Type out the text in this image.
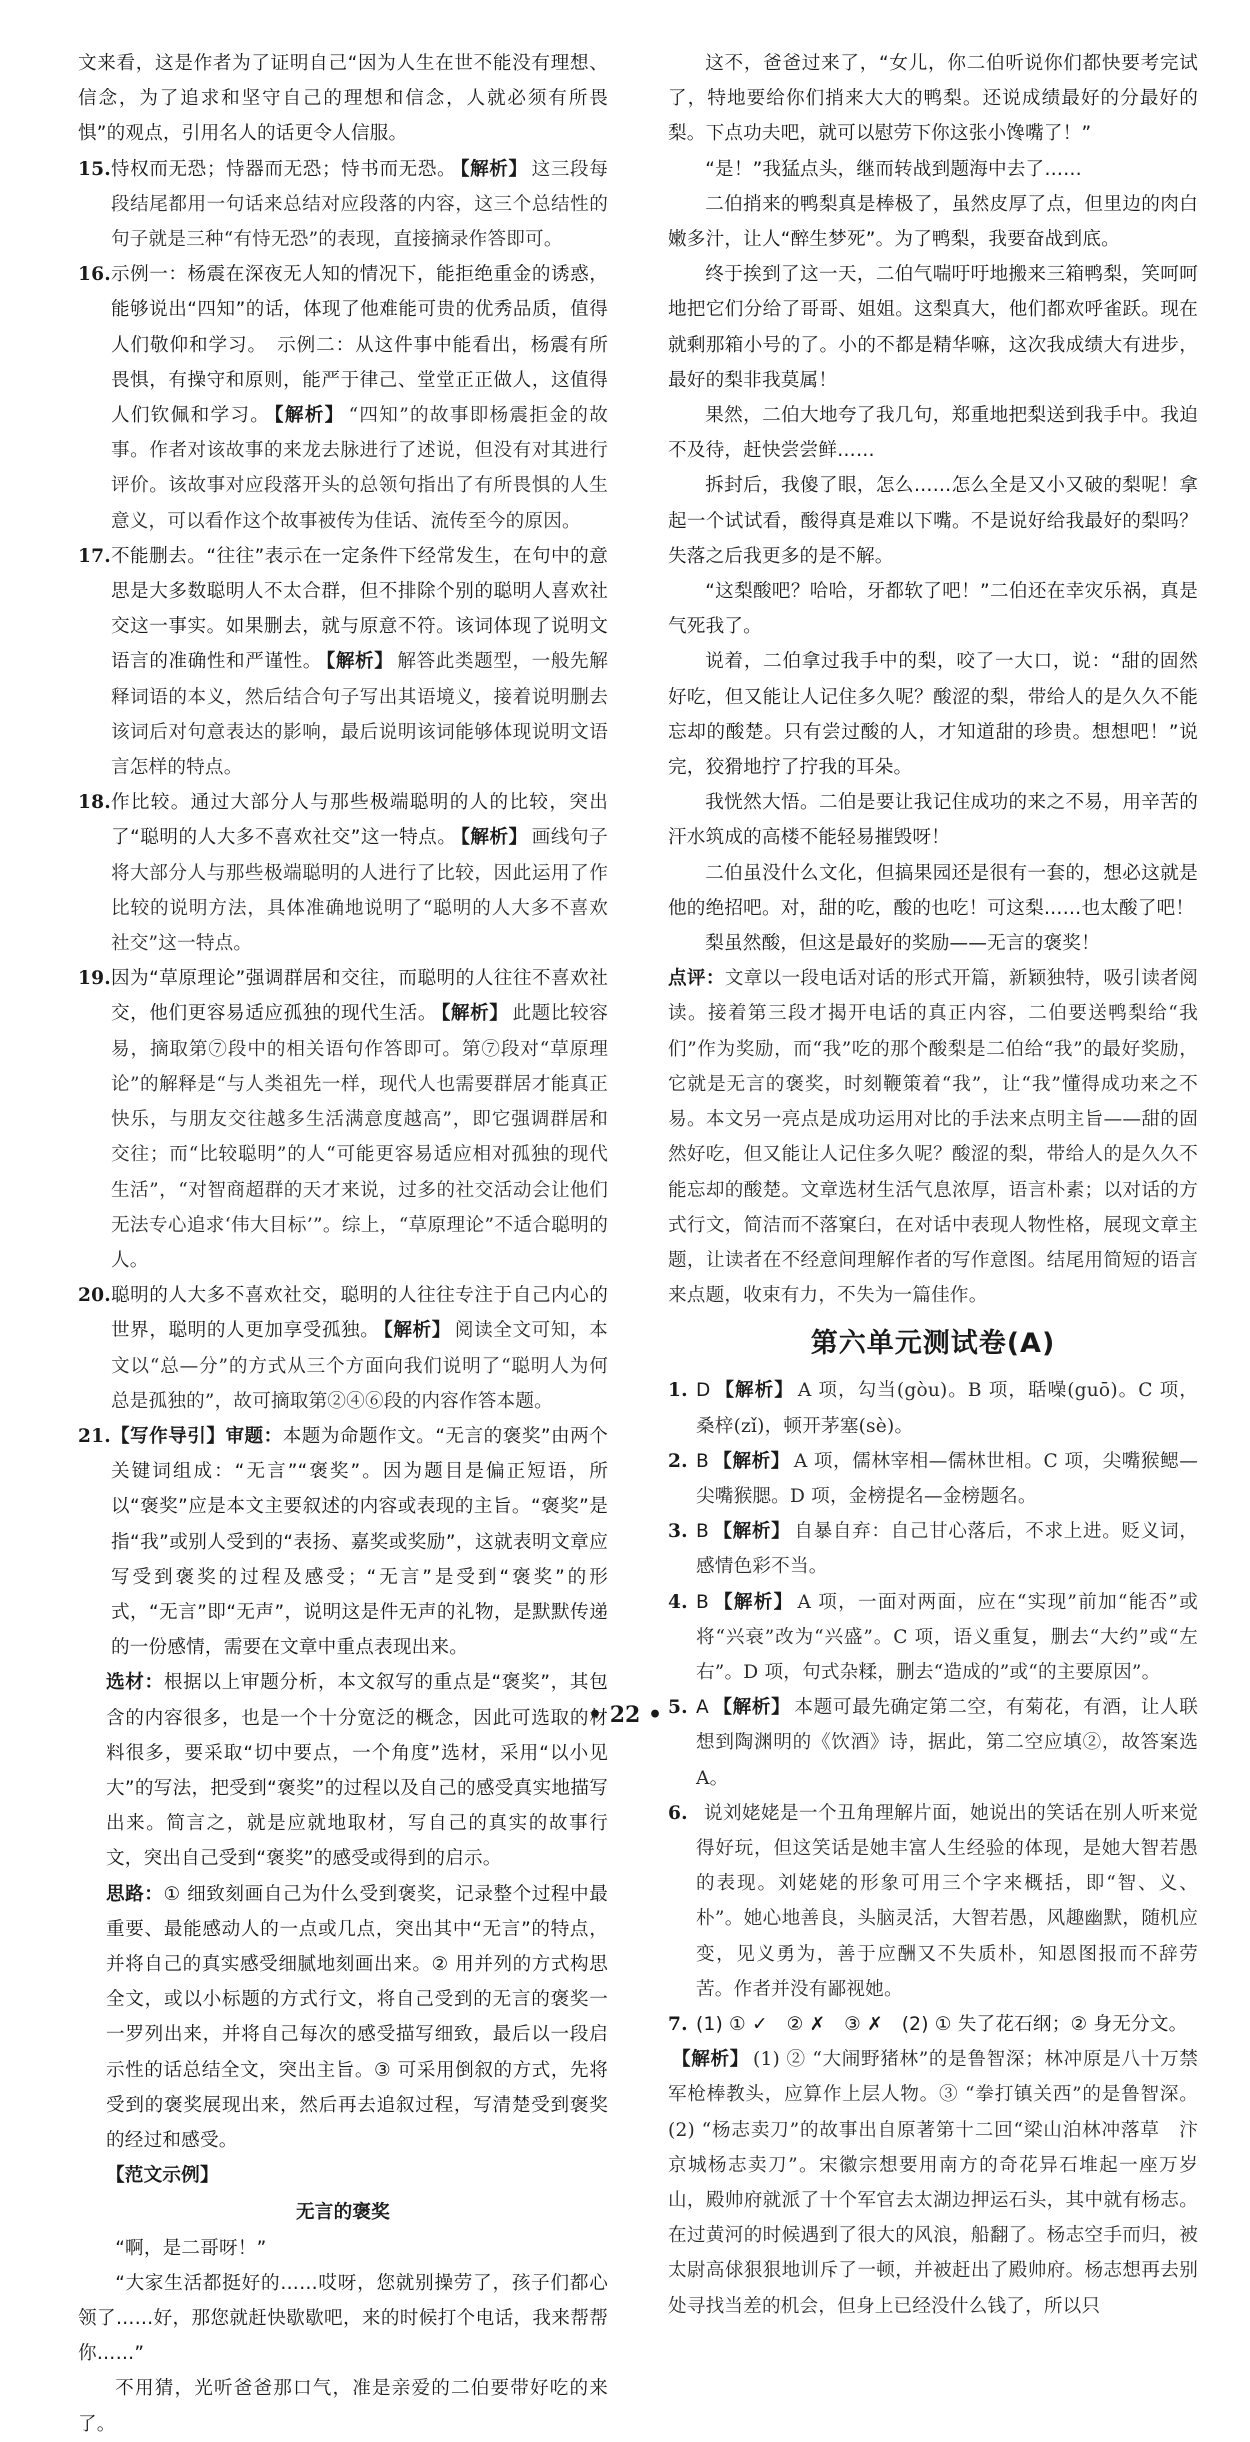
文来看，这是作者为了证明自己“因为人生在世不能没有理想、信念，为了追求和坚守自己的理想和信念，人就必须有所畏惧”的观点，引用名人的话更令人信服。

15. 恃权而无恐；恃器而无恐；恃书而无恐。 【解析】 这三段每段结尾都用一句话来总结对应段落的内容，这三个总结性的句子就是三种“有恃无恐”的表现，直接摘录作答即可。
16. 示例一：杨震在深夜无人知的情况下，能拒绝重金的诱惑，能够说出“四知”的话，体现了他难能可贵的优秀品质，值得人们敬仰和学习。　示例二：从这件事中能看出，杨震有所畏惧，有操守和原则，能严于律己、堂堂正正做人，这值得人们钦佩和学习。 【解析】 “四知”的故事即杨震拒金的故事。作者对该故事的来龙去脉进行了述说，但没有对其进行评价。该故事对应段落开头的总领句指出了有所畏惧的人生意义，可以看作这个故事被传为佳话、流传至今的原因。
17. 不能删去。“往往”表示在一定条件下经常发生，在句中的意思是大多数聪明人不太合群，但不排除个别的聪明人喜欢社交这一事实。如果删去，就与原意不符。该词体现了说明文语言的准确性和严谨性。 【解析】 解答此类题型，一般先解释词语的本义，然后结合句子写出其语境义，接着说明删去该词后对句意表达的影响，最后说明该词能够体现说明文语言怎样的特点。
18. 作比较。通过大部分人与那些极端聪明的人的比较，突出了“聪明的人大多不喜欢社交”这一特点。 【解析】 画线句子将大部分人与那些极端聪明的人进行了比较，因此运用了作比较的说明方法，具体准确地说明了“聪明的人大多不喜欢社交”这一特点。
19. 因为“草原理论”强调群居和交往，而聪明的人往往不喜欢社交，他们更容易适应孤独的现代生活。 【解析】 此题比较容易，摘取第⑦段中的相关语句作答即可。第⑦段对“草原理论”的解释是“与人类祖先一样，现代人也需要群居才能真正快乐，与朋友交往越多生活满意度越高”，即它强调群居和交往；而“比较聪明”的人“可能更容易适应相对孤独的现代生活”，“对智商超群的天才来说，过多的社交活动会让他们无法专心追求‘伟大目标’”。综上，“草原理论”不适合聪明的人。
20. 聪明的人大多不喜欢社交，聪明的人往往专注于自己内心的世界，聪明的人更加享受孤独。 【解析】 阅读全文可知，本文以“总—分”的方式从三个方面向我们说明了“聪明人为何总是孤独的”，故可摘取第②④⑥段的内容作答本题。
21. 【写作导引】审题：本题为命题作文。“无言的褒奖”由两个关键词组成：“无言”“褒奖”。因为题目是偏正短语，所以“褒奖”应是本文主要叙述的内容或表现的主旨。“褒奖”是指“我”或别人受到的“表扬、嘉奖或奖励”，这就表明文章应写受到褒奖的过程及感受；“无言”是受到“褒奖”的形式，“无言”即“无声”，说明这是件无声的礼物，是默默传递的一份感情，需要在文章中重点表现出来。

选材：根据以上审题分析，本文叙写的重点是“褒奖”，其包含的内容很多，也是一个十分宽泛的概念，因此可选取的材料很多，要采取“切中要点，一个角度”选材，采用“以小见大”的写法，把受到“褒奖”的过程以及自己的感受真实地描写出来。简言之，就是应就地取材，写自己的真实的故事行文，突出自己受到“褒奖”的感受或得到的启示。

思路：① 细致刻画自己为什么受到褒奖，记录整个过程中最重要、最能感动人的一点或几点，突出其中“无言”的特点，并将自己的真实感受细腻地刻画出来。② 用并列的方式构思全文，或以小标题的方式行文，将自己受到的无言的褒奖一一罗列出来，并将自己每次的感受描写细致，最后以一段启示性的话总结全文，突出主旨。③ 可采用倒叙的方式，先将受到的褒奖展现出来，然后再去追叙过程，写清楚受到褒奖的经过和感受。

【范文示例】

无言的褒奖

“啊，是二哥呀！”

“大家生活都挺好的……哎呀，您就别操劳了，孩子们都心领了……好，那您就赶快歇歇吧，来的时候打个电话，我来帮帮你……”

不用猜，光听爸爸那口气，准是亲爱的二伯要带好吃的来了。

这不，爸爸过来了，“女儿，你二伯听说你们都快要考完试了，特地要给你们捎来大大的鸭梨。还说成绩最好的分最好的梨。下点功夫吧，就可以慰劳下你这张小馋嘴了！”

“是！”我猛点头，继而转战到题海中去了……

二伯捎来的鸭梨真是棒极了，虽然皮厚了点，但里边的肉白嫩多汁，让人“醉生梦死”。为了鸭梨，我要奋战到底。

终于挨到了这一天，二伯气喘吁吁地搬来三箱鸭梨，笑呵呵地把它们分给了哥哥、姐姐。这梨真大，他们都欢呼雀跃。现在就剩那箱小号的了。小的不都是精华嘛，这次我成绩大有进步，最好的梨非我莫属！

果然，二伯大地夸了我几句，郑重地把梨送到我手中。我迫不及待，赶快尝尝鲜……

拆封后，我傻了眼，怎么……怎么全是又小又破的梨呢！拿起一个试试看，酸得真是难以下嘴。不是说好给我最好的梨吗？失落之后我更多的是不解。

“这梨酸吧？哈哈，牙都软了吧！”二伯还在幸灾乐祸，真是气死我了。

说着，二伯拿过我手中的梨，咬了一大口，说：“甜的固然好吃，但又能让人记住多久呢？酸涩的梨，带给人的是久久不能忘却的酸楚。只有尝过酸的人，才知道甜的珍贵。想想吧！”说完，狡猾地拧了拧我的耳朵。

我恍然大悟。二伯是要让我记住成功的来之不易，用辛苦的汗水筑成的高楼不能轻易摧毁呀！

二伯虽没什么文化，但搞果园还是很有一套的，想必这就是他的绝招吧。对，甜的吃，酸的也吃！可这梨……也太酸了吧！

梨虽然酸，但这是最好的奖励——无言的褒奖！

点评：文章以一段电话对话的形式开篇，新颖独特，吸引读者阅读。接着第三段才揭开电话的真正内容，二伯要送鸭梨给“我们”作为奖励，而“我”吃的那个酸梨是二伯给“我”的最好奖励，它就是无言的褒奖，时刻鞭策着“我”，让“我”懂得成功来之不易。本文另一亮点是成功运用对比的手法来点明主旨——甜的固然好吃，但又能让人记住多久呢？酸涩的梨，带给人的是久久不能忘却的酸楚。文章选材生活气息浓厚，语言朴素；以对话的方式行文，简洁而不落窠臼，在对话中表现人物性格，展现文章主题，让读者在不经意间理解作者的写作意图。结尾用简短的语言来点题，收束有力，不失为一篇佳作。

第六单元测试卷(A)

1. D 【解析】 A 项，勾当(gòu)。B 项，聒噪(guō)。C 项，桑梓(zǐ)，顿开茅塞(sè)。
2. B 【解析】 A 项，儒林宰相—儒林世相。C 项，尖嘴猴鳃—尖嘴猴腮。D 项，金榜提名—金榜题名。
3. B 【解析】 自暴自弃：自己甘心落后，不求上进。贬义词，感情色彩不当。
4. B 【解析】 A 项，一面对两面，应在“实现”前加“能否”或将“兴衰”改为“兴盛”。C 项，语义重复，删去“大约”或“左右”。D 项，句式杂糅，删去“造成的”或“的主要原因”。
5. A 【解析】 本题可最先确定第二空，有菊花，有酒，让人联想到陶渊明的《饮酒》诗，据此，第二空应填②，故答案选 A。
6. 说刘姥姥是一个丑角理解片面，她说出的笑话在别人听来觉得好玩，但这笑话是她丰富人生经验的体现，是她大智若愚的表现。刘姥姥的形象可用三个字来概括，即“智、义、朴”。她心地善良，头脑灵活，大智若愚，风趣幽默，随机应变，见义勇为，善于应酬又不失质朴，知恩图报而不辞劳苦。作者并没有鄙视她。
7. (1) ① ✓　② ✗　③ ✗　(2) ① 失了花石纲；② 身无分文。

【解析】 (1) ② “大闹野猪林”的是鲁智深；林冲原是八十万禁军枪棒教头，应算作上层人物。③ “拳打镇关西”的是鲁智深。(2) “杨志卖刀”的故事出自原著第十二回“梁山泊林冲落草　汴京城杨志卖刀”。宋徽宗想要用南方的奇花异石堆起一座万岁山，殿帅府就派了十个军官去太湖边押运石头，其中就有杨志。在过黄河的时候遇到了很大的风浪，船翻了。杨志空手而归，被太尉高俅狠狠地训斥了一顿，并被赶出了殿帅府。杨志想再去别处寻找当差的机会，但身上已经没什么钱了，所以只

• 22 •
